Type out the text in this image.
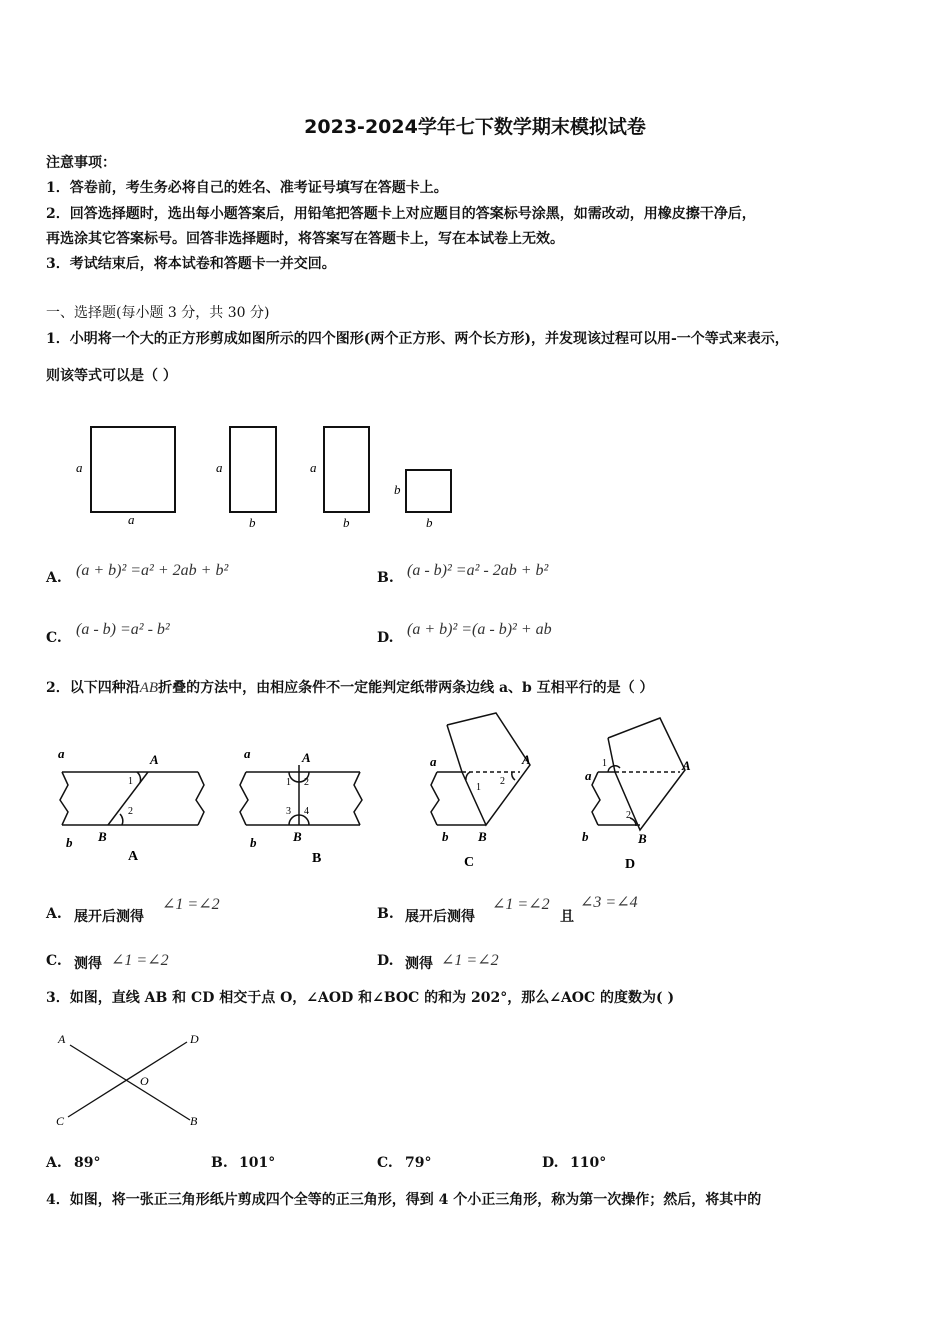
2023-2024学年七下数学期末模拟试卷
注意事项：
1．答卷前，考生务必将自己的姓名、准考证号填写在答题卡上。
2．回答选择题时，选出每小题答案后，用铅笔把答题卡上对应题目的答案标号涂黑，如需改动，用橡皮擦干净后，
再选涂其它答案标号。回答非选择题时，将答案写在答题卡上，写在本试卷上无效。
3．考试结束后，将本试卷和答题卡一并交回。
一、选择题(每小题 3 分，共 30 分)
1．小明将一个大的正方形剪成如图所示的四个图形(两个正方形、两个长方形)，并发现该过程可以用-一个等式来表示，
则该等式可以是（ ）
a
a
a
b
a
b
b
b
A. (a + b)² =a² + 2ab + b²	B. (a - b)² =a² - 2ab + b²
C. (a - b) =a² - b²	D. (a + b)² =(a - b)² + ab
2．以下四种沿AB折叠的方法中，由相应条件不一定能判定纸带两条边线 a、b 互相平行的是（ ）
a	A
1
2
b B
A
a	A
1 2
3 4
b	B
B
a	A
1
2
b B
C
a
A
1
2
b	B
D
A. 展开后测得
∠1 =∠2
B. 展开后测得
∠1 =∠2
且
∠3 =∠4
C. 测得 ∠1 =∠2	D. 测得 ∠1 =∠2
3．如图，直线 AB 和 CD 相交于点 O，∠AOD 和∠BOC 的和为 202°，那么∠AOC 的度数为( )
A	D
O
C	B
A. 89°	B. 101°	C. 79°	D. 110°
4．如图，将一张正三角形纸片剪成四个全等的正三角形，得到 4 个小正三角形，称为第一次操作；然后，将其中的
